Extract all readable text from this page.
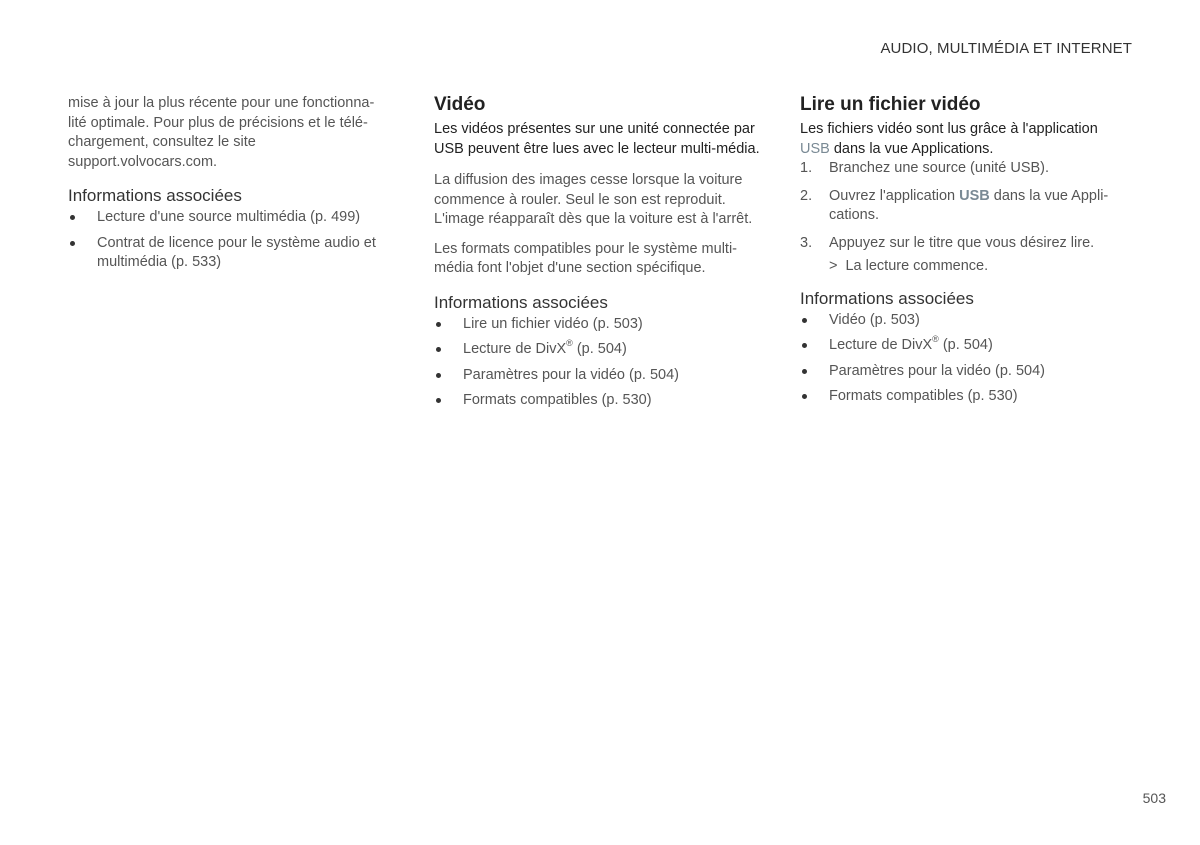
AUDIO, MULTIMÉDIA ET INTERNET

mise à jour la plus récente pour une fonctionna-
lité optimale. Pour plus de précisions et le télé-
chargement, consultez le site
support.volvocars.com.

Informations associées
Lecture d'une source multimédia (p. 499)
Contrat de licence pour le système audio et multimédia (p. 533)
Vidéo

Les vidéos présentes sur une unité connectée par USB peuvent être lues avec le lecteur multi-média.

La diffusion des images cesse lorsque la voiture commence à rouler. Seul le son est reproduit. L'image réapparaît dès que la voiture est à l'arrêt.

Les formats compatibles pour le système multi-média font l'objet d'une section spécifique.

Informations associées
Lire un fichier vidéo (p. 503)
Lecture de DivX® (p. 504)
Paramètres pour la vidéo (p. 504)
Formats compatibles (p. 530)
Lire un fichier vidéo

Les fichiers vidéo sont lus grâce à l'application
USB dans la vue Applications.

1. Branchez une source (unité USB).
2. Ouvrez l'application USB dans la vue Appli-cations.
3. Appuyez sur le titre que vous désirez lire.
> La lecture commence.
Informations associées
Vidéo (p. 503)
Lecture de DivX® (p. 504)
Paramètres pour la vidéo (p. 504)
Formats compatibles (p. 530)
503
